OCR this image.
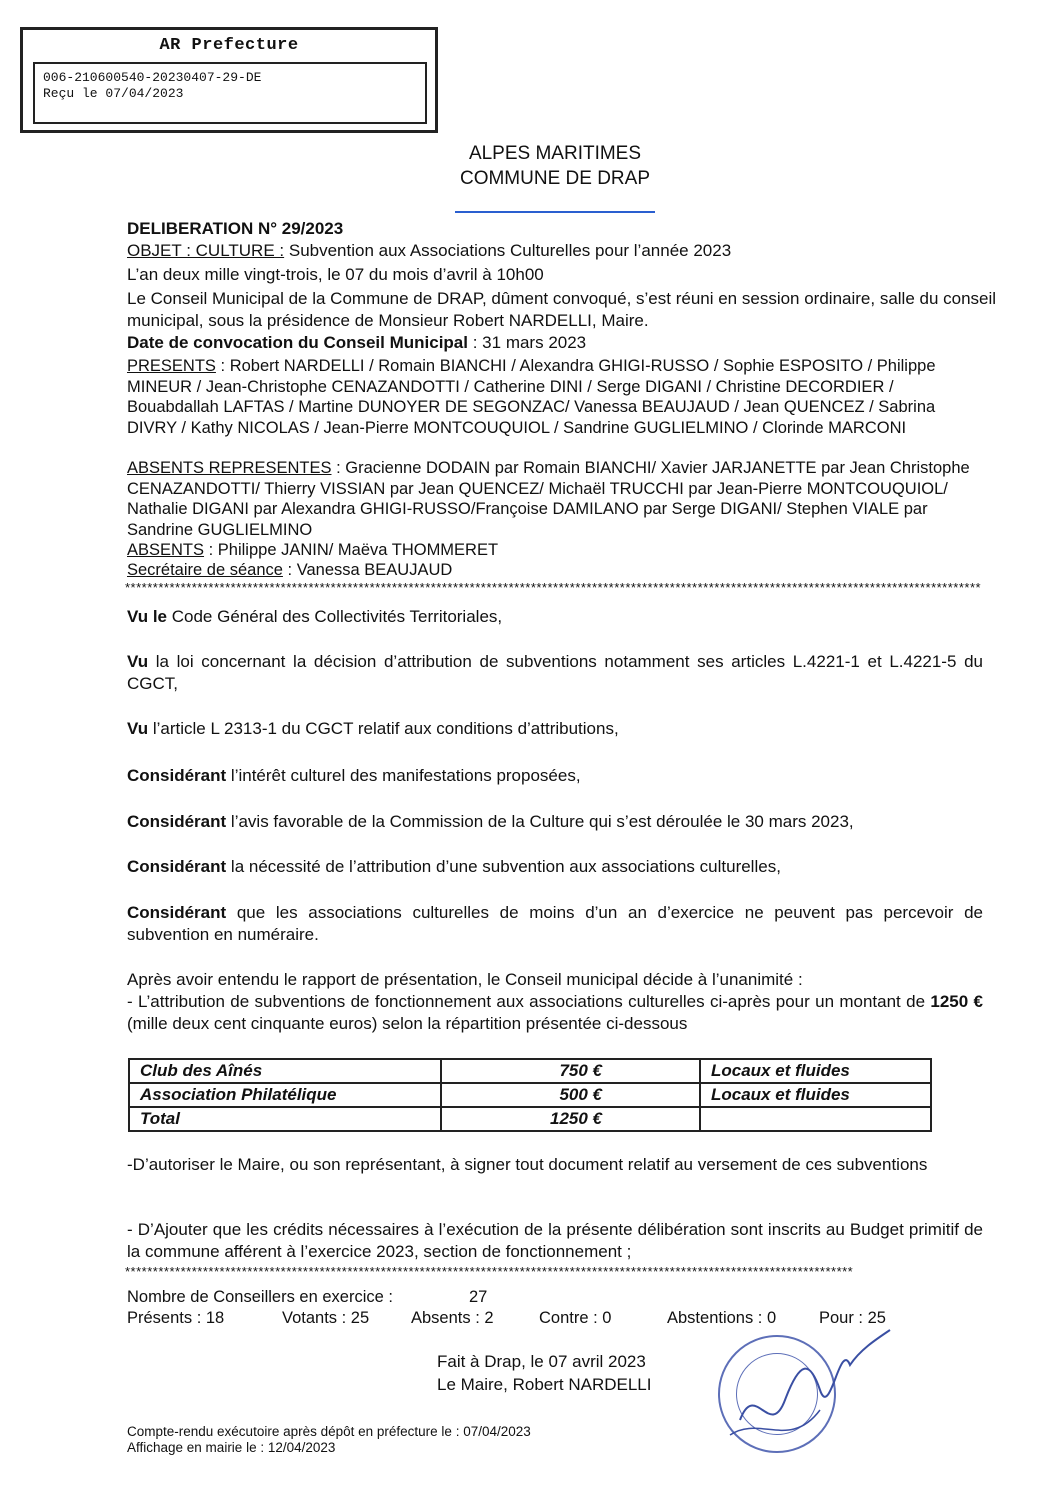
AR Prefecture
006-210600540-20230407-29-DE
Reçu le 07/04/2023
ALPES MARITIMES
COMMUNE DE DRAP
DELIBERATION N° 29/2023
OBJET : CULTURE : Subvention aux Associations Culturelles pour l’année 2023
L’an deux mille vingt-trois, le 07 du mois d’avril à 10h00
Le Conseil Municipal de la Commune de DRAP, dûment convoqué, s’est réuni en session ordinaire, salle du conseil municipal, sous la présidence de Monsieur Robert NARDELLI, Maire.
Date de convocation du Conseil Municipal : 31 mars 2023
PRESENTS : Robert NARDELLI / Romain BIANCHI / Alexandra GHIGI-RUSSO / Sophie ESPOSITO / Philippe MINEUR / Jean-Christophe CENAZANDOTTI / Catherine DINI / Serge DIGANI / Christine DECORDIER / Bouabdallah LAFTAS / Martine DUNOYER DE SEGONZAC/ Vanessa BEAUJAUD / Jean QUENCEZ / Sabrina DIVRY / Kathy NICOLAS / Jean-Pierre MONTCOUQUIOL / Sandrine GUGLIELMINO / Clorinde MARCONI
ABSENTS REPRESENTES : Gracienne DODAIN par Romain BIANCHI/ Xavier JARJANETTE par Jean Christophe CENAZANDOTTI/ Thierry VISSIAN par Jean QUENCEZ/ Michaël TRUCCHI par Jean-Pierre MONTCOUQUIOL/ Nathalie DIGANI par Alexandra GHIGI-RUSSO/Françoise DAMILANO par Serge DIGANI/ Stephen VIALE par Sandrine GUGLIELMINO
ABSENTS : Philippe JANIN/ Maëva THOMMERET
Secrétaire de séance : Vanessa BEAUJAUD
**********************************************************************************************************************************************************
Vu le Code Général des Collectivités Territoriales,
Vu la loi concernant la décision d’attribution de subventions notamment ses articles L.4221-1 et L.4221-5 du CGCT,
Vu l’article L 2313-1 du CGCT relatif aux conditions d’attributions,
Considérant l’intérêt culturel des manifestations proposées,
Considérant l’avis favorable de la Commission de la Culture qui s’est déroulée le 30 mars 2023,
Considérant la nécessité de l’attribution d’une subvention aux associations culturelles,
Considérant que les associations culturelles de moins d’un an d’exercice ne peuvent pas percevoir de subvention en numéraire.
Après avoir entendu le rapport de présentation, le Conseil municipal décide à l’unanimité :
- L’attribution de subventions de fonctionnement aux associations culturelles ci-après pour un montant de 1250 € (mille deux cent cinquante euros) selon la répartition présentée ci-dessous
Club des Aînés	750 €	Locaux et fluides
Association Philatélique	500 €	Locaux et fluides
Total	1250 €	
-D’autoriser le Maire, ou son représentant, à signer tout document relatif au versement de ces subventions
- D’Ajouter que les crédits nécessaires à l’exécution de la présente délibération sont inscrits au Budget primitif de la commune afférent à l’exercice 2023, section de fonctionnement ;
***********************************************************************************************************************************
Nombre de Conseillers en exercice :	27
Présents : 18	Votants : 25	Absents : 2	Contre : 0	Abstentions : 0	Pour : 25
Fait à Drap, le 07 avril 2023
Le Maire, Robert NARDELLI
Compte-rendu exécutoire après dépôt en préfecture le : 07/04/2023
Affichage en mairie le : 12/04/2023
